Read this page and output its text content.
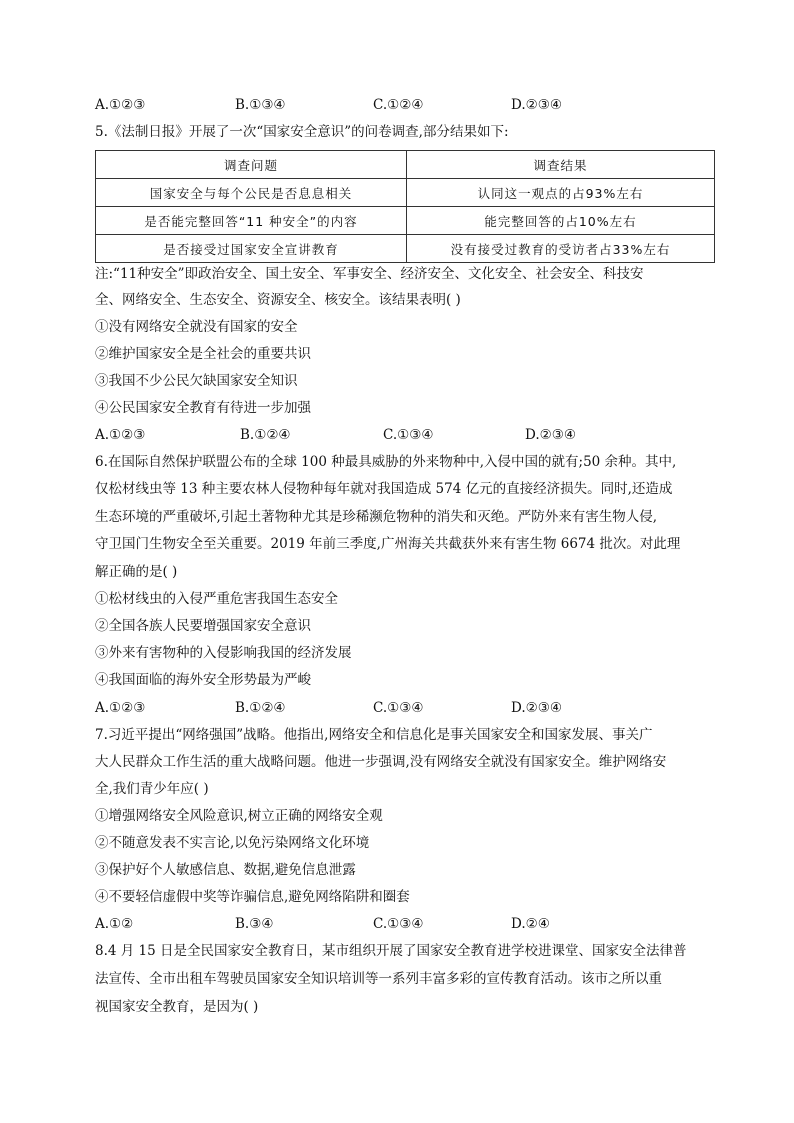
A.①②③	B.①③④	C.①②④	D.②③④
5.《法制日报》开展了一次“国家安全意识”的问卷调查,部分结果如下:
调查问题	调查结果
国家安全与每个公民是否息息相关	认同这一观点的占93%左右
是否能完整回答“11 种安全”的内容	能完整回答的占10%左右
是否接受过国家安全宣讲教育	没有接受过教育的受访者占33%左右
注:“11种安全”即政治安全、国土安全、军事安全、经济安全、文化安全、社会安全、科技安
全、网络安全、生态安全、资源安全、核安全。该结果表明( )
①没有网络安全就没有国家的安全
②维护国家安全是全社会的重要共识
③我国不少公民欠缺国家安全知识
④公民国家安全教育有待进一步加强
A.①②③	B.①②④	C.①③④	D.②③④
6.在国际自然保护联盟公布的全球 100 种最具威胁的外来物种中,入侵中国的就有;50 余种。其中,
仅松材线虫等 13 种主要农林人侵物种每年就对我国造成 574 亿元的直接经济损失。同时,还造成
生态环境的严重破坏,引起土著物种尤其是珍稀濒危物种的消失和灭绝。严防外来有害生物人侵,
守卫国门生物安全至关重要。2019 年前三季度,广州海关共截获外来有害生物 6674 批次。对此理
解正确的是( )
①松材线虫的入侵严重危害我国生态安全
②全国各族人民要增强国家安全意识
③外来有害物种的入侵影响我国的经济发展
④我国面临的海外安全形势最为严峻
A.①②③	B.①②④	C.①③④	D.②③④
7.习近平提出“网络强国”战略。他指出,网络安全和信息化是事关国家安全和国家发展、事关广
大人民群众工作生活的重大战略问题。他进一步强调,没有网络安全就没有国家安全。维护网络安
全,我们青少年应( )
①增强网络安全风险意识,树立正确的网络安全观
②不随意发表不实言论,以免污染网络文化环境
③保护好个人敏感信息、数据,避免信息泄露
④不要轻信虚假中奖等诈骗信息,避免网络陷阱和圈套
A.①②	B.③④	C.①③④	D.②④
8.4 月 15 日是全民国家安全教育日，某市组织开展了国家安全教育进学校进课堂、国家安全法律普
法宣传、全市出租车驾驶员国家安全知识培训等一系列丰富多彩的宣传教育活动。该市之所以重
视国家安全教育，是因为( )
